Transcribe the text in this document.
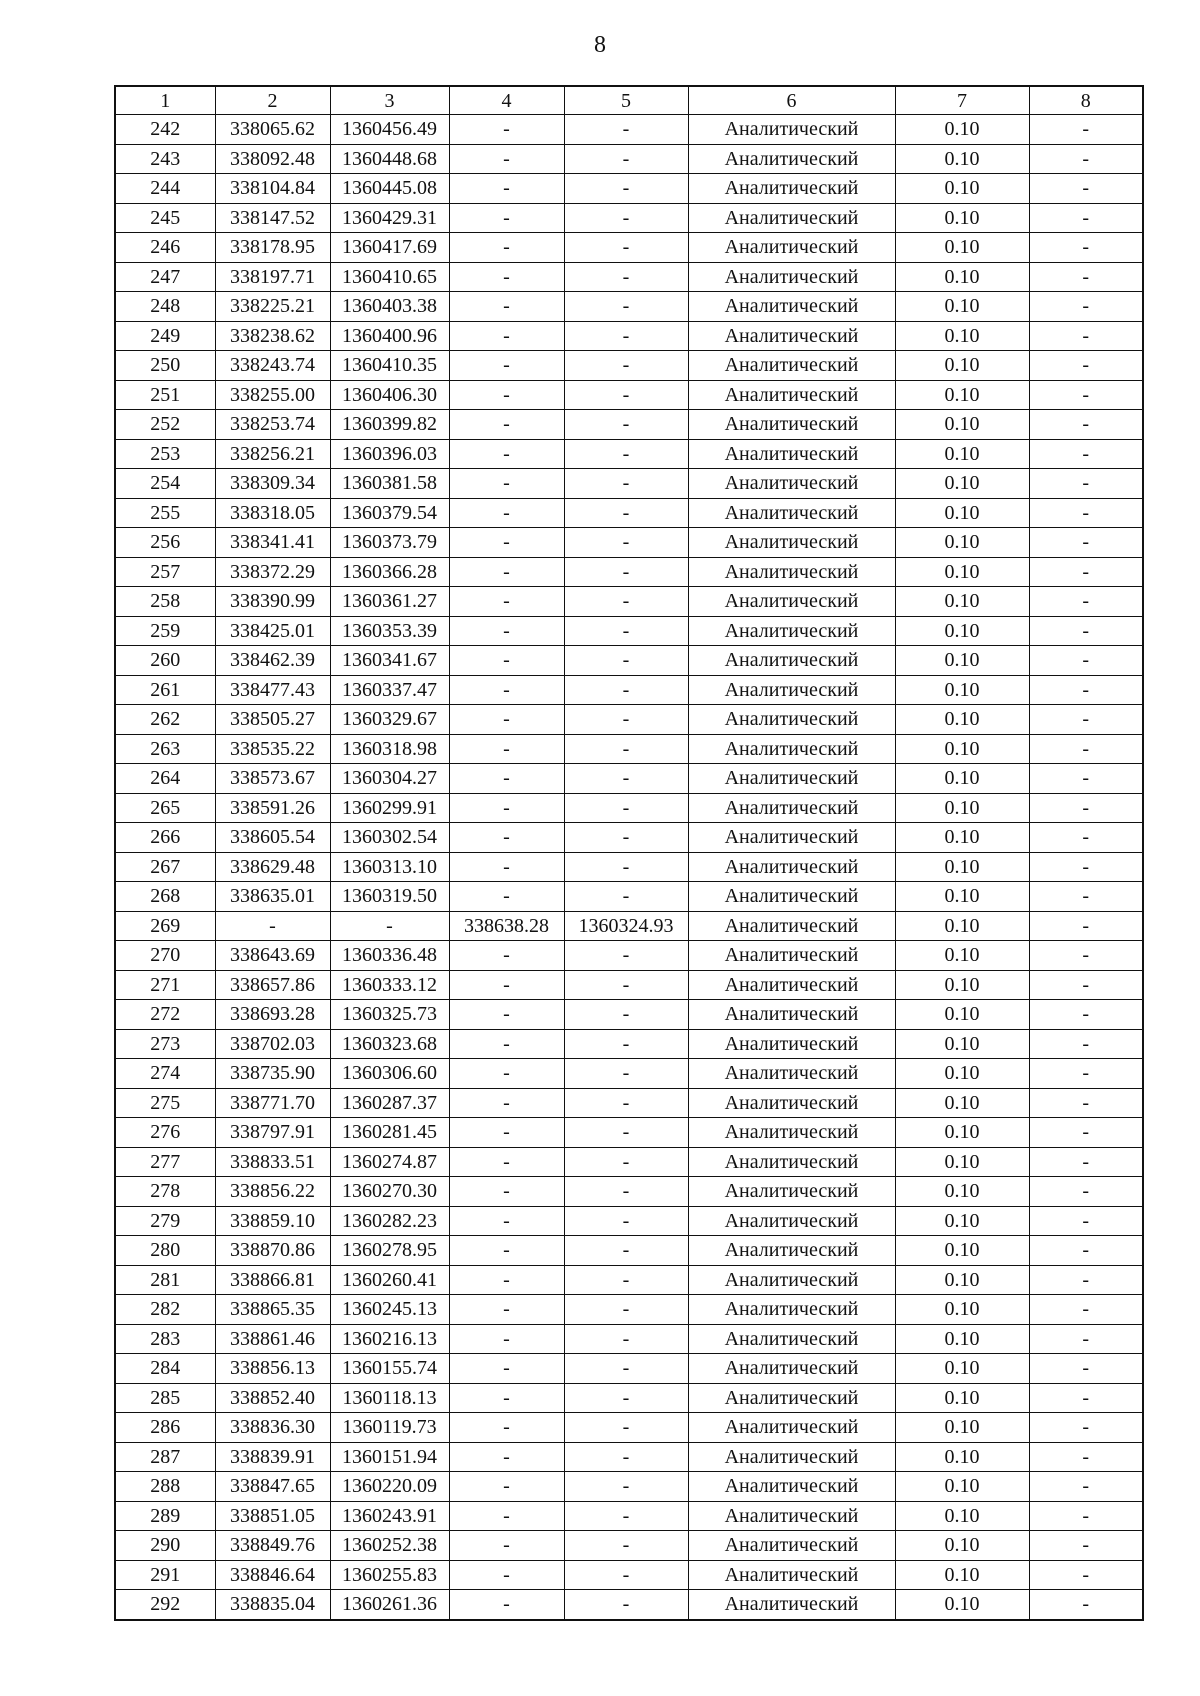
8
1	2	3	4	5	6	7	8
242	338065.62	1360456.49	-	-	Аналитический	0.10	-
243	338092.48	1360448.68	-	-	Аналитический	0.10	-
244	338104.84	1360445.08	-	-	Аналитический	0.10	-
245	338147.52	1360429.31	-	-	Аналитический	0.10	-
246	338178.95	1360417.69	-	-	Аналитический	0.10	-
247	338197.71	1360410.65	-	-	Аналитический	0.10	-
248	338225.21	1360403.38	-	-	Аналитический	0.10	-
249	338238.62	1360400.96	-	-	Аналитический	0.10	-
250	338243.74	1360410.35	-	-	Аналитический	0.10	-
251	338255.00	1360406.30	-	-	Аналитический	0.10	-
252	338253.74	1360399.82	-	-	Аналитический	0.10	-
253	338256.21	1360396.03	-	-	Аналитический	0.10	-
254	338309.34	1360381.58	-	-	Аналитический	0.10	-
255	338318.05	1360379.54	-	-	Аналитический	0.10	-
256	338341.41	1360373.79	-	-	Аналитический	0.10	-
257	338372.29	1360366.28	-	-	Аналитический	0.10	-
258	338390.99	1360361.27	-	-	Аналитический	0.10	-
259	338425.01	1360353.39	-	-	Аналитический	0.10	-
260	338462.39	1360341.67	-	-	Аналитический	0.10	-
261	338477.43	1360337.47	-	-	Аналитический	0.10	-
262	338505.27	1360329.67	-	-	Аналитический	0.10	-
263	338535.22	1360318.98	-	-	Аналитический	0.10	-
264	338573.67	1360304.27	-	-	Аналитический	0.10	-
265	338591.26	1360299.91	-	-	Аналитический	0.10	-
266	338605.54	1360302.54	-	-	Аналитический	0.10	-
267	338629.48	1360313.10	-	-	Аналитический	0.10	-
268	338635.01	1360319.50	-	-	Аналитический	0.10	-
269	-	-	338638.28	1360324.93	Аналитический	0.10	-
270	338643.69	1360336.48	-	-	Аналитический	0.10	-
271	338657.86	1360333.12	-	-	Аналитический	0.10	-
272	338693.28	1360325.73	-	-	Аналитический	0.10	-
273	338702.03	1360323.68	-	-	Аналитический	0.10	-
274	338735.90	1360306.60	-	-	Аналитический	0.10	-
275	338771.70	1360287.37	-	-	Аналитический	0.10	-
276	338797.91	1360281.45	-	-	Аналитический	0.10	-
277	338833.51	1360274.87	-	-	Аналитический	0.10	-
278	338856.22	1360270.30	-	-	Аналитический	0.10	-
279	338859.10	1360282.23	-	-	Аналитический	0.10	-
280	338870.86	1360278.95	-	-	Аналитический	0.10	-
281	338866.81	1360260.41	-	-	Аналитический	0.10	-
282	338865.35	1360245.13	-	-	Аналитический	0.10	-
283	338861.46	1360216.13	-	-	Аналитический	0.10	-
284	338856.13	1360155.74	-	-	Аналитический	0.10	-
285	338852.40	1360118.13	-	-	Аналитический	0.10	-
286	338836.30	1360119.73	-	-	Аналитический	0.10	-
287	338839.91	1360151.94	-	-	Аналитический	0.10	-
288	338847.65	1360220.09	-	-	Аналитический	0.10	-
289	338851.05	1360243.91	-	-	Аналитический	0.10	-
290	338849.76	1360252.38	-	-	Аналитический	0.10	-
291	338846.64	1360255.83	-	-	Аналитический	0.10	-
292	338835.04	1360261.36	-	-	Аналитический	0.10	-
